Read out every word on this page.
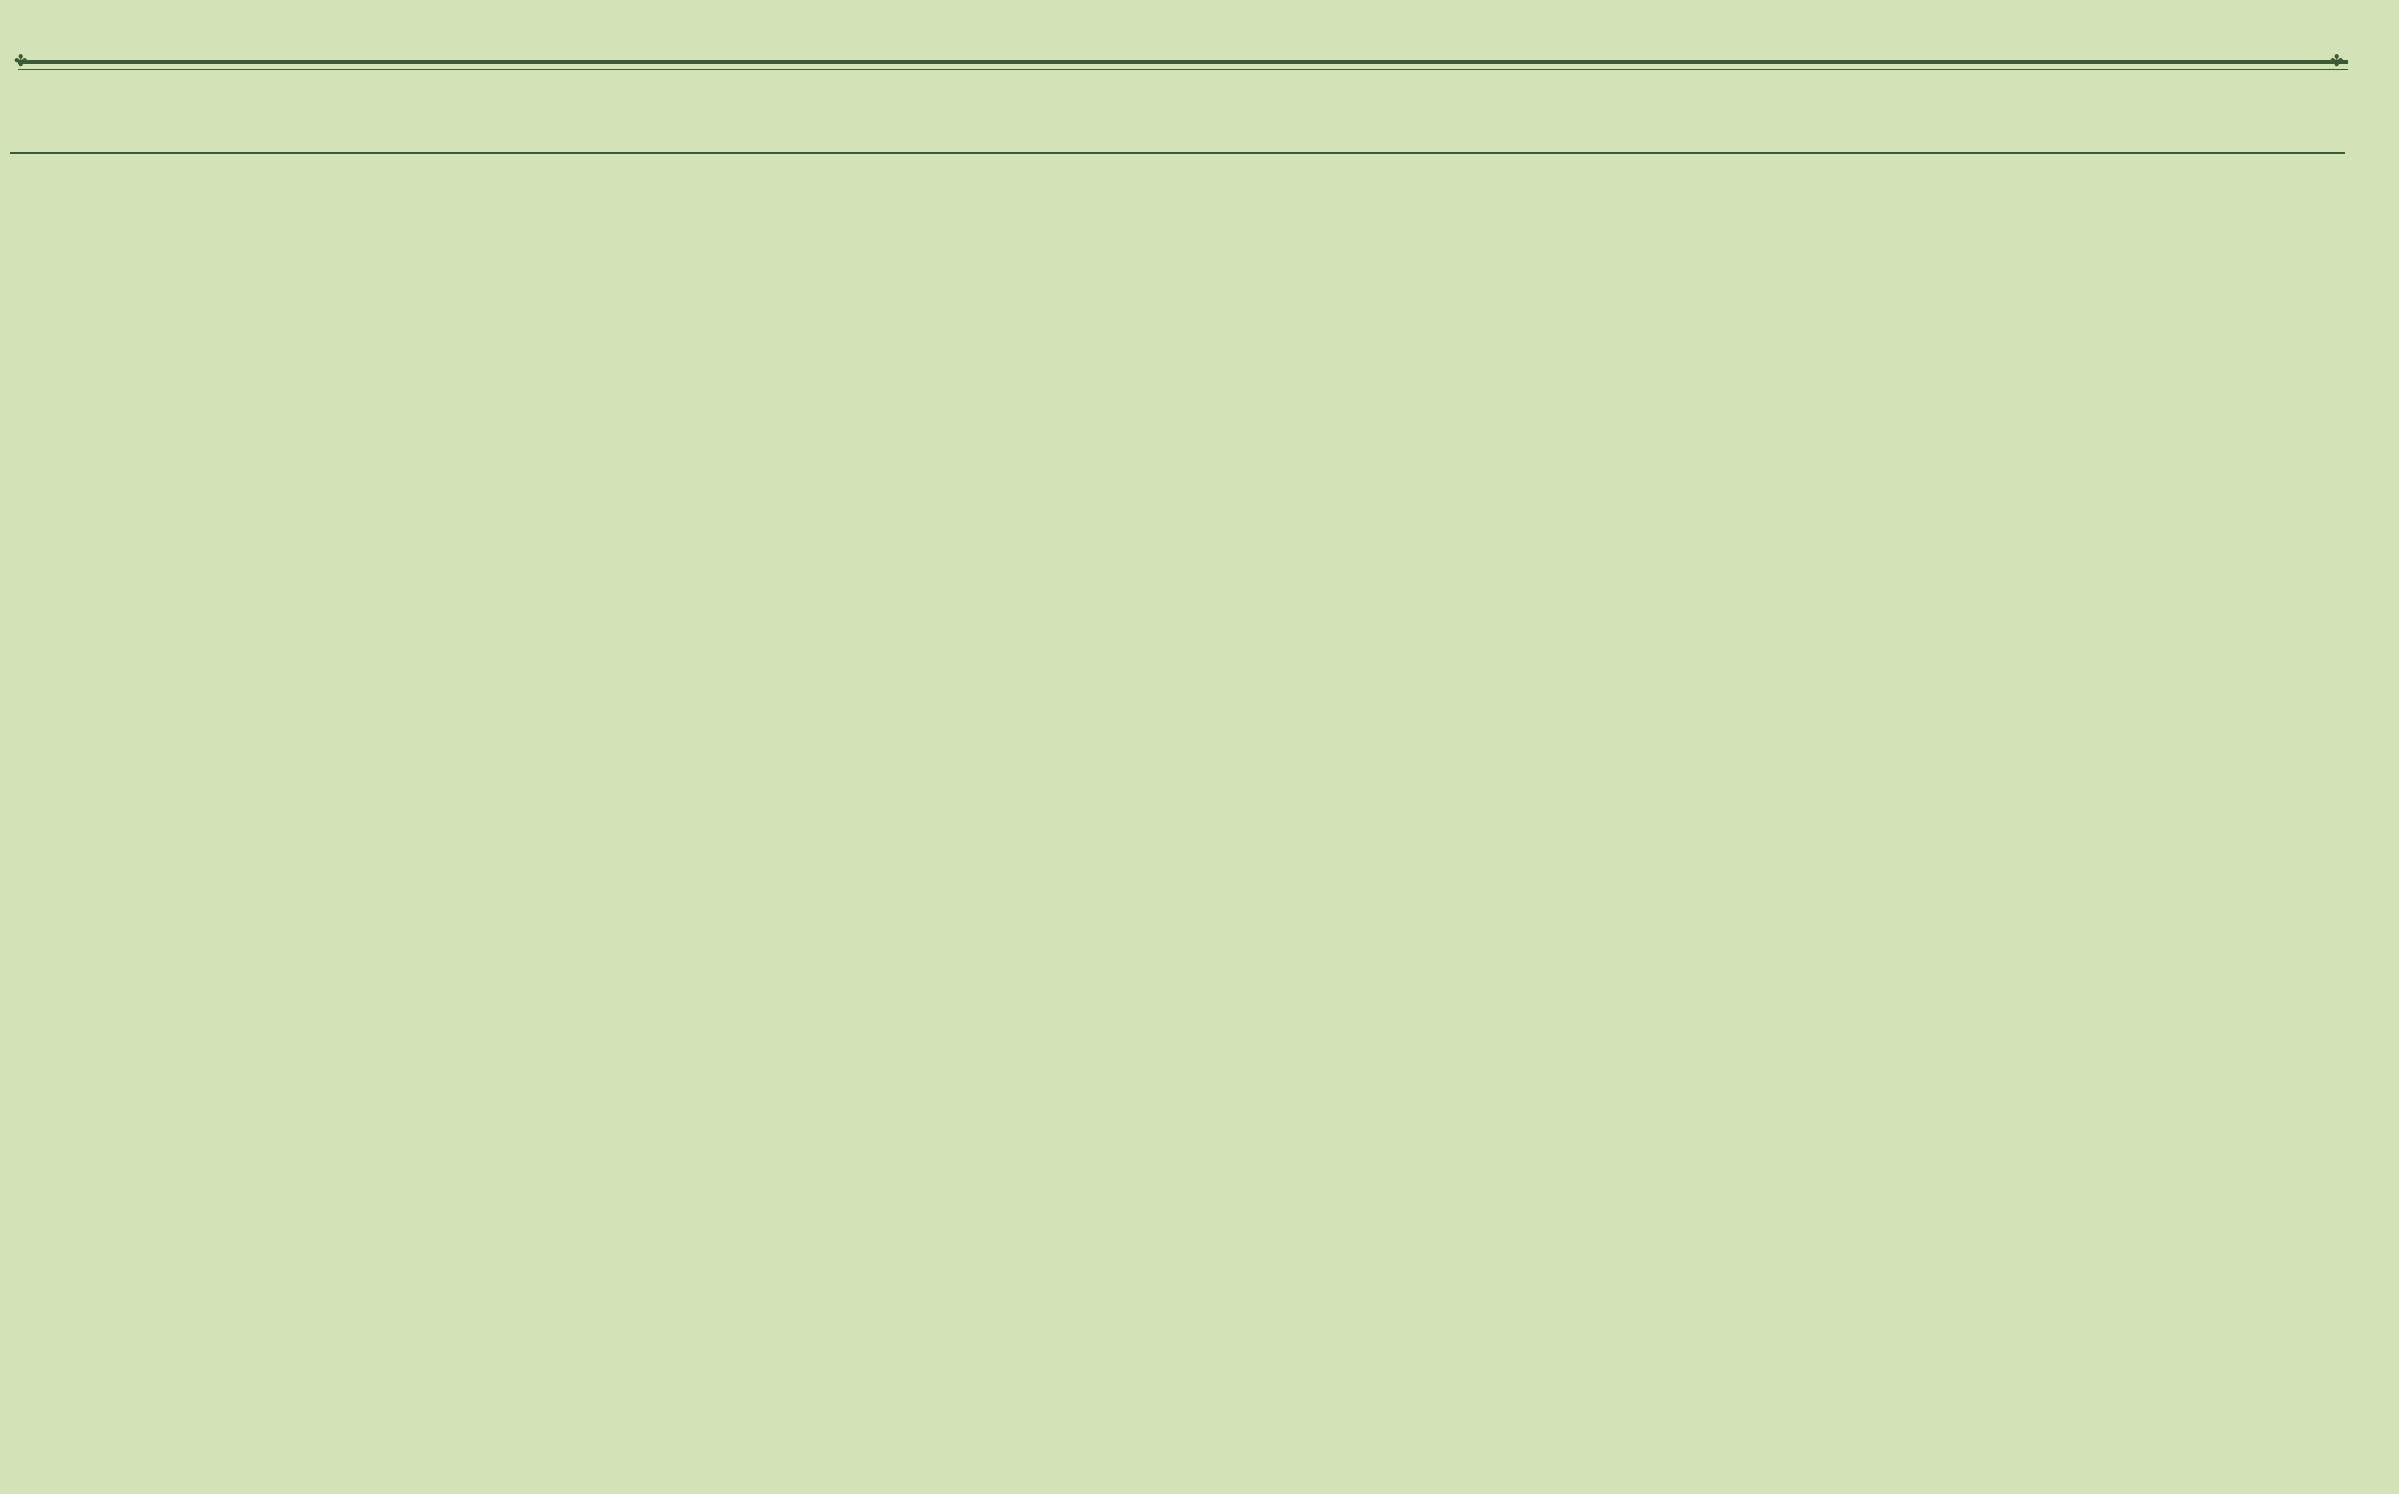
✤	✤
